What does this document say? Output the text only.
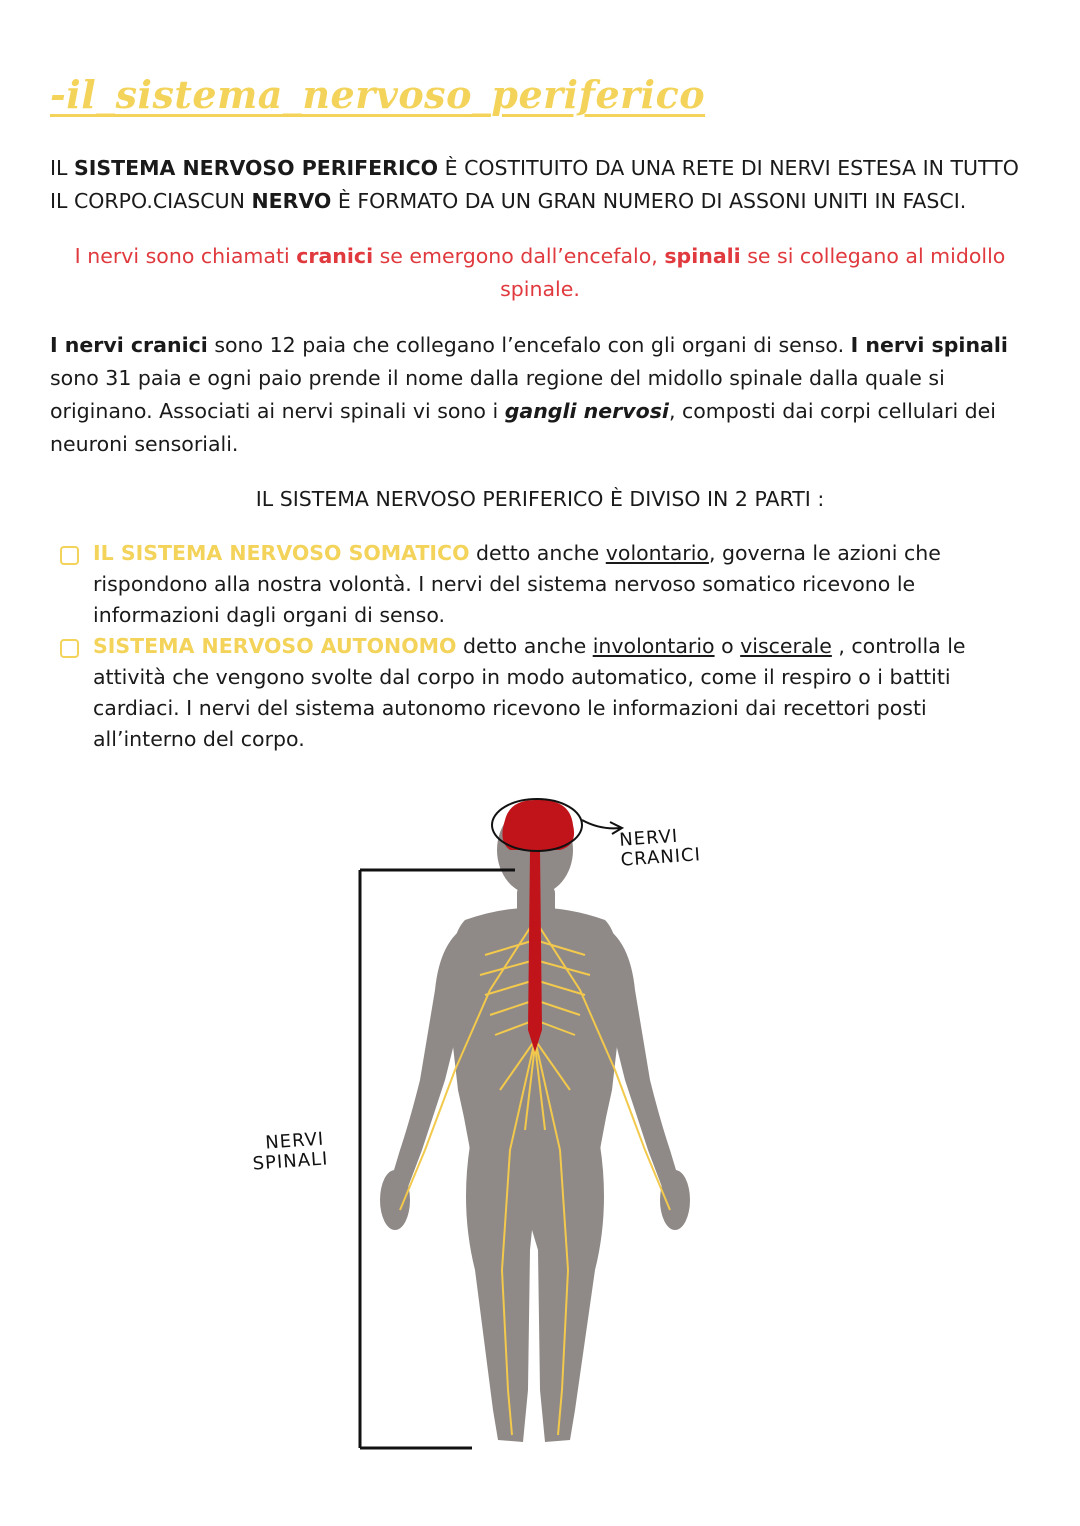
-il_sistema_nervoso_periferico
IL SISTEMA NERVOSO PERIFERICO È COSTITUITO DA UNA RETE DI NERVI ESTESA IN TUTTO IL CORPO.CIASCUN NERVO È FORMATO DA UN GRAN NUMERO DI ASSONI UNITI IN FASCI.
I nervi sono chiamati cranici se emergono dall’encefalo, spinali se si collegano al midollo spinale.
I nervi cranici sono 12 paia che collegano l’encefalo con gli organi di senso. I nervi spinali sono 31 paia e ogni paio prende il nome dalla regione del midollo spinale dalla quale si originano. Associati ai nervi spinali vi sono i gangli nervosi, composti dai corpi cellulari dei neuroni sensoriali.
IL SISTEMA NERVOSO PERIFERICO È DIVISO IN 2 PARTI :
IL SISTEMA NERVOSO SOMATICO detto anche volontario, governa le azioni che rispondono alla nostra volontà. I nervi del sistema nervoso somatico ricevono le informazioni dagli organi di senso.
SISTEMA NERVOSO AUTONOMO detto anche involontario o viscerale , controlla le attività che vengono svolte dal corpo in modo automatico, come il respiro o i battiti cardiaci. I nervi del sistema autonomo ricevono le informazioni dai recettori posti all’interno del corpo.
NERVI
CRANICI
NERVI
SPINALI
